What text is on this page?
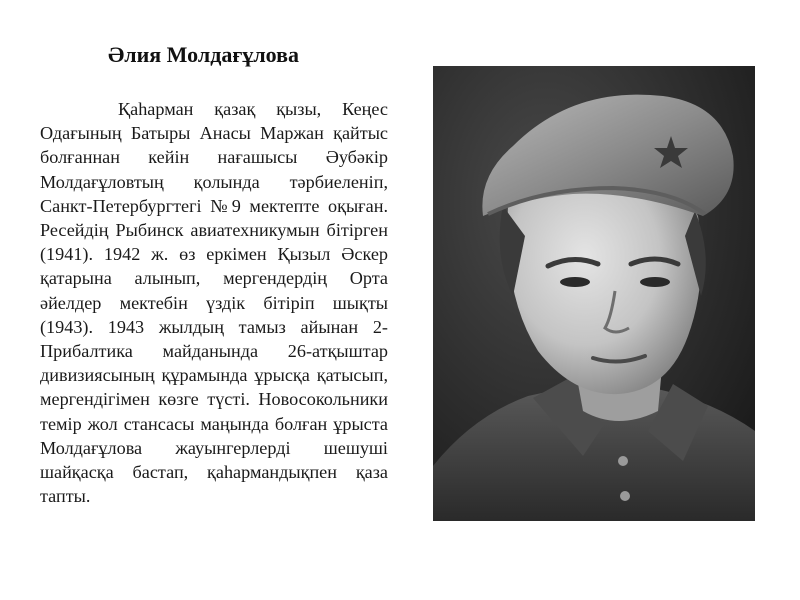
Әлия Молдағұлова

Қаһарман қазақ қызы, Кеңес Одағының Батыры Анасы Маржан қайтыс болғаннан кейін нағашысы Әубәкір Молдағұловтың қолында тәрбиеленіп, Санкт-Петербургтегі №9 мектепте оқыған. Ресейдің Рыбинск авиатехникумын бітірген (1941). 1942 ж. өз еркімен Қызыл Әскер қатарына алынып, мергендердің Орта әйелдер мектебін үздік бітіріп шықты (1943). 1943 жылдың тамыз айынан 2-Прибалтика майданында 26-атқыштар дивизиясының құрамында ұрысқа қатысып, мергендігімен көзге түсті. Новосокольники темір жол стансасы маңында болған ұрыста Молдағұлова жауынгерлерді шешуші шайқасқа бастап, қаһармандықпен қаза тапты.
